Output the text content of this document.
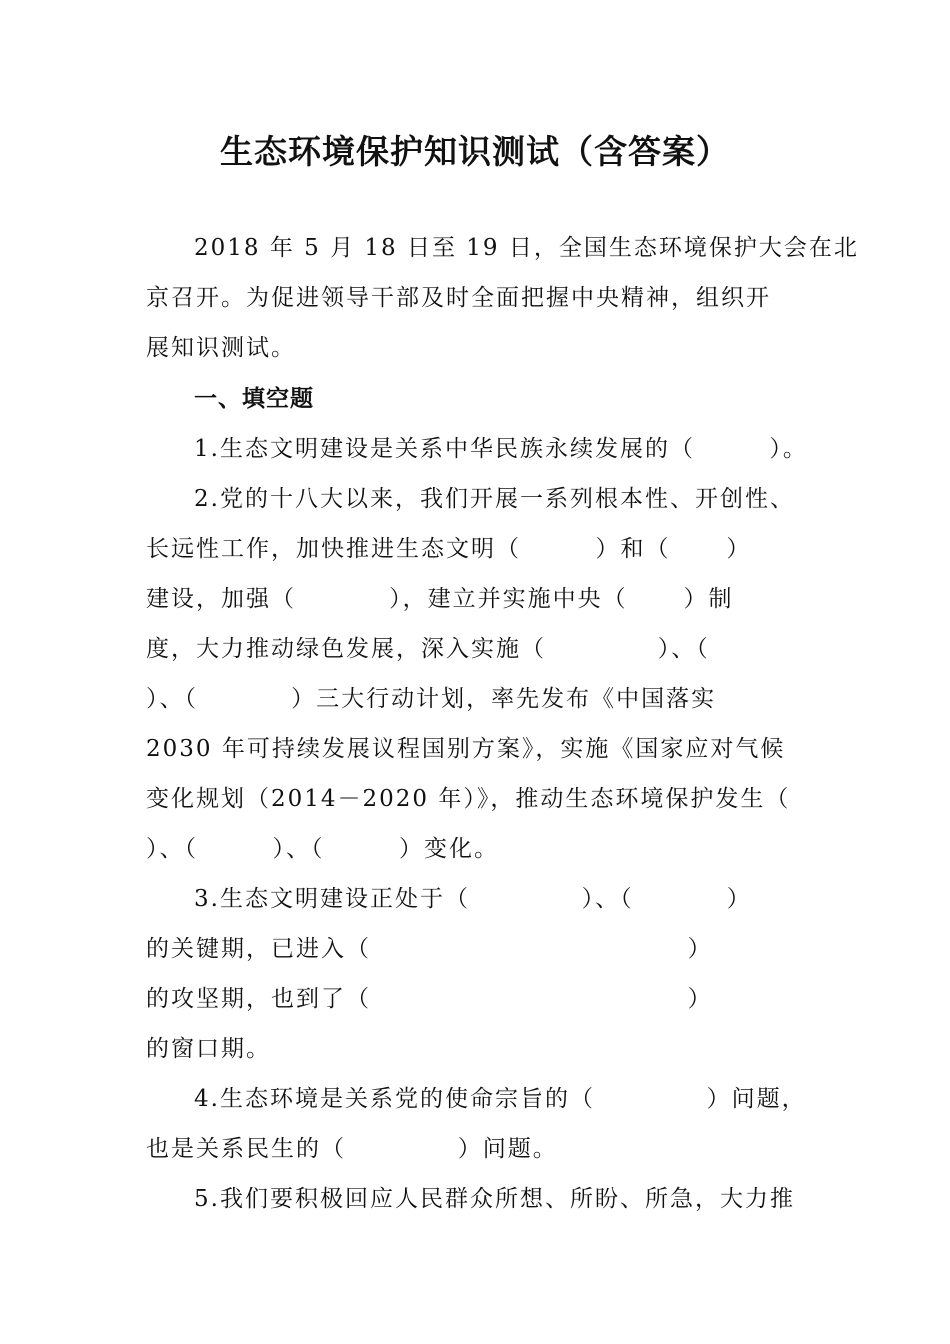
生态环境保护知识测试（含答案）
2018 年 5 月 18 日至 19 日，全国生态环境保护大会在北
京召开。为促进领导干部及时全面把握中央精神，组织开
展知识测试。
一、填空题
1.生态文明建设是关系中华民族永续发展的（        ）。
2.党的十八大以来，我们开展一系列根本性、开创性、
长远性工作，加快推进生态文明（        ）和（      ）
建设，加强（          ），建立并实施中央（      ）制
度，大力推动绿色发展，深入实施（            ）、（
）、（          ）三大行动计划，率先发布《中国落实
2030 年可持续发展议程国别方案》，实施《国家应对气候
变化规划（2014－2020 年）》，推动生态环境保护发生（
）、（        ）、（        ）变化。
3.生态文明建设正处于（            ）、（          ）
的关键期，已进入（                                  ）
的攻坚期，也到了（                                  ）
的窗口期。
4.生态环境是关系党的使命宗旨的（            ）问题，
也是关系民生的（            ）问题。
5.我们要积极回应人民群众所想、所盼、所急，大力推
